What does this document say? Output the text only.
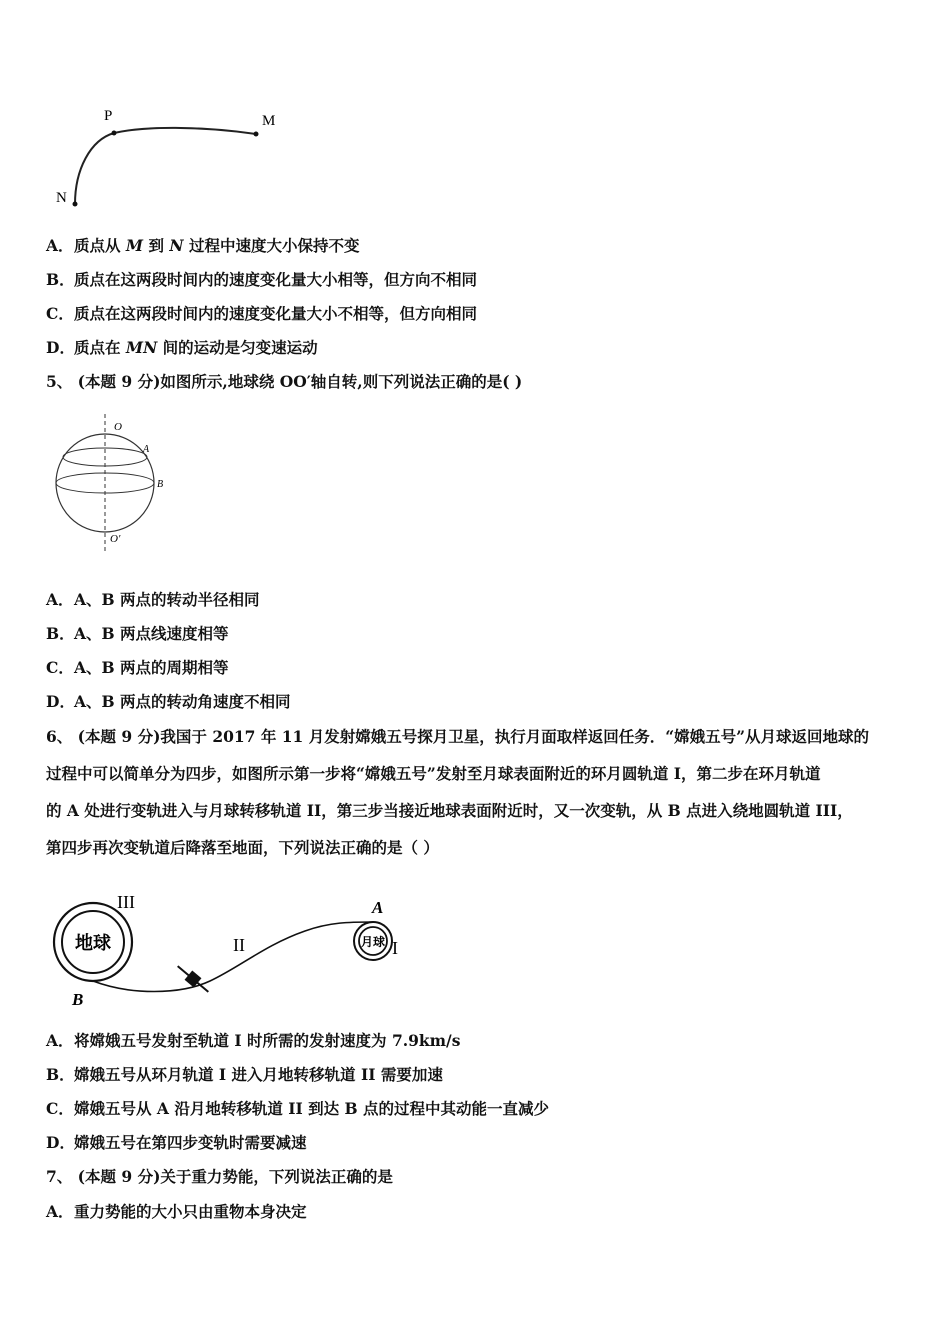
P	M
N
A．质点从 M 到 N 过程中速度大小保持不变
B．质点在这两段时间内的速度变化量大小相等，但方向不相同
C．质点在这两段时间内的速度变化量大小不相等，但方向相同
D．质点在 MN 间的运动是匀变速运动
5、 (本题 9 分)如图所示,地球绕 OO′轴自转,则下列说法正确的是( )
O
A
B
O′
A．A、B 两点的转动半径相同
B．A、B 两点线速度相等
C．A、B 两点的周期相等
D．A、B 两点的转动角速度不相同
6、 (本题 9 分)我国于 2017 年 11 月发射嫦娥五号探月卫星，执行月面取样返回任务．“嫦娥五号”从月球返回地球的
过程中可以简单分为四步，如图所示第一步将“嫦娥五号”发射至月球表面附近的环月圆轨道 I，第二步在环月轨道
的 A 处进行变轨进入与月球转移轨道 II，第三步当接近地球表面附近时，又一次变轨，从 B 点进入绕地圆轨道 III，
第四步再次变轨道后降落至地面，下列说法正确的是（ ）
地球
III
月球 I
II
A
B
A．将嫦娥五号发射至轨道 I 时所需的发射速度为 7.9km/s
B．嫦娥五号从环月轨道 I 进入月地转移轨道 II 需要加速
C．嫦娥五号从 A 沿月地转移轨道 II 到达 B 点的过程中其动能一直减少
D．嫦娥五号在第四步变轨时需要减速
7、 (本题 9 分)关于重力势能，下列说法正确的是
A．重力势能的大小只由重物本身决定
